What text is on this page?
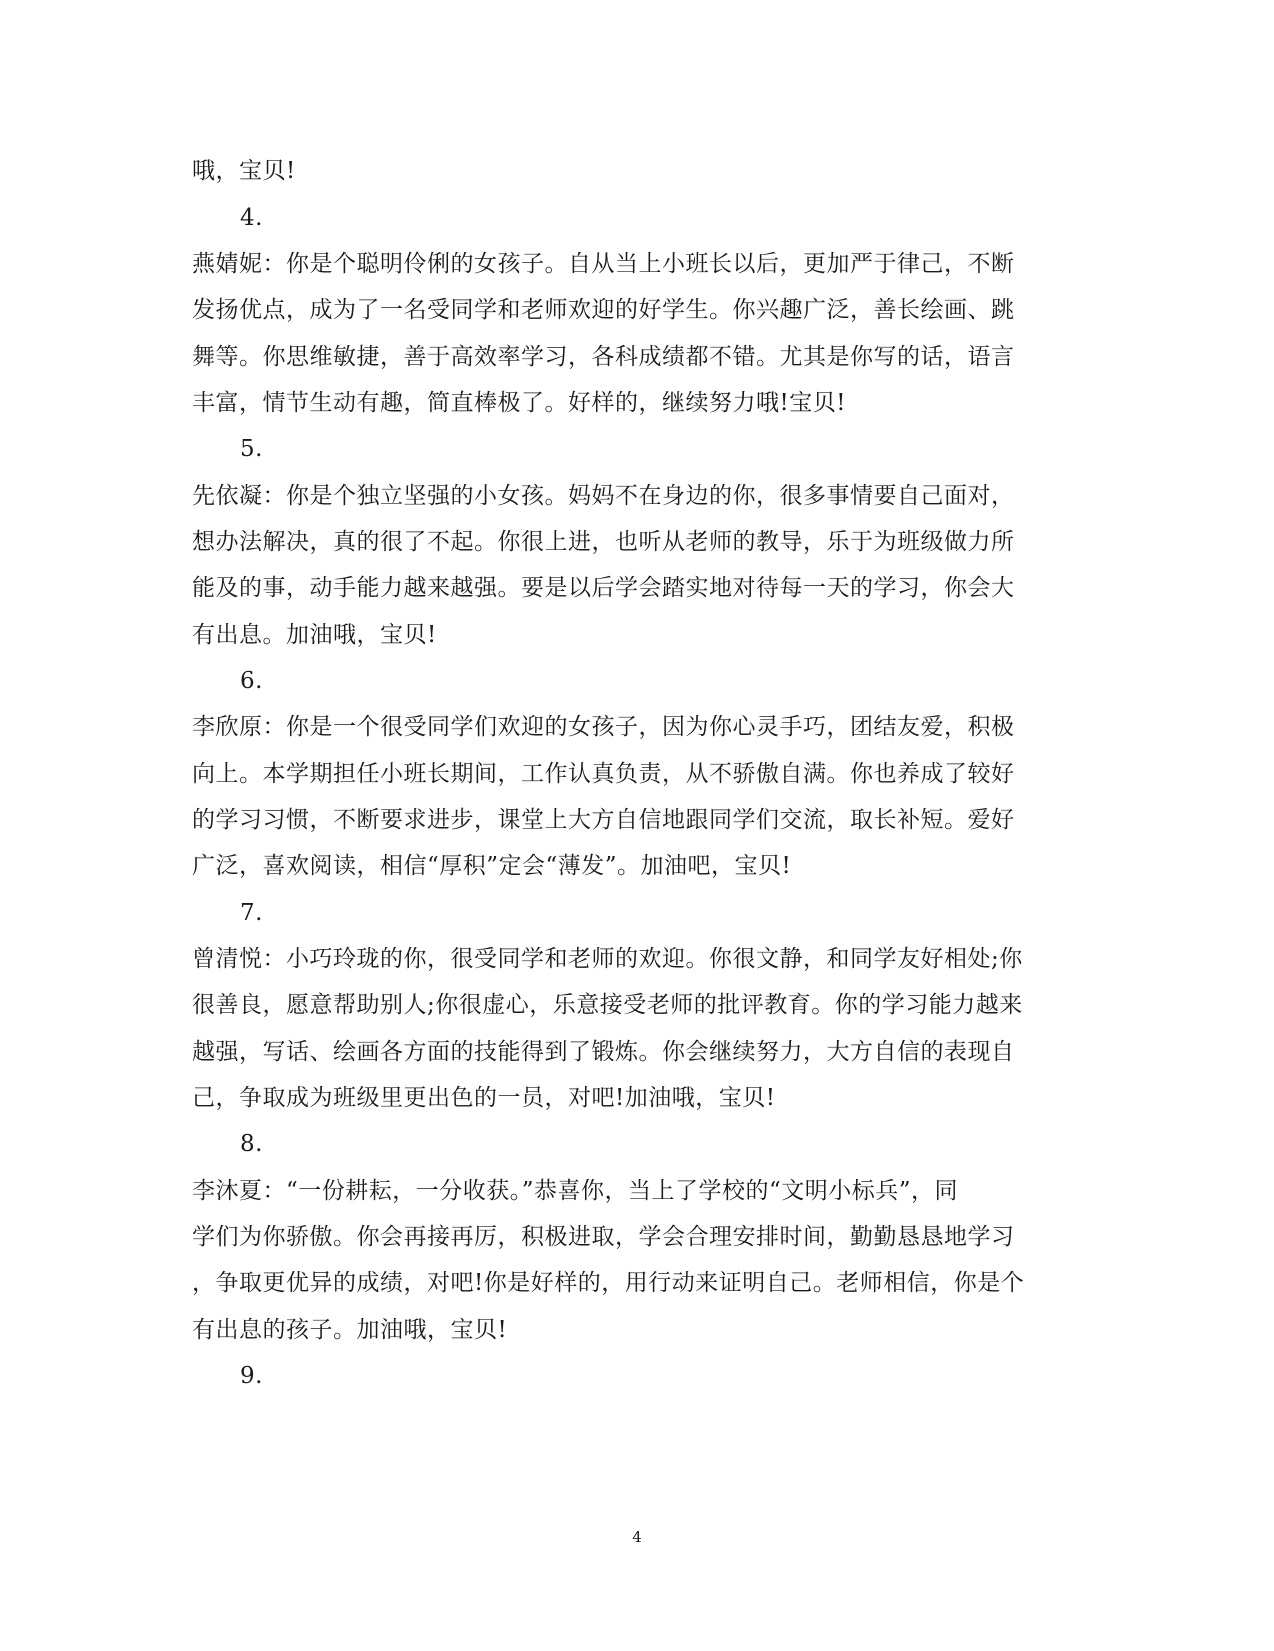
哦，宝贝!
4.
燕婧妮：你是个聪明伶俐的女孩子。自从当上小班长以后，更加严于律己，不断
发扬优点，成为了一名受同学和老师欢迎的好学生。你兴趣广泛，善长绘画、跳
舞等。你思维敏捷，善于高效率学习，各科成绩都不错。尤其是你写的话，语言
丰富，情节生动有趣，简直棒极了。好样的，继续努力哦!宝贝!
5.
先依凝：你是个独立坚强的小女孩。妈妈不在身边的你，很多事情要自己面对，
想办法解决，真的很了不起。你很上进，也听从老师的教导，乐于为班级做力所
能及的事，动手能力越来越强。要是以后学会踏实地对待每一天的学习，你会大
有出息。加油哦，宝贝!
6.
李欣原：你是一个很受同学们欢迎的女孩子，因为你心灵手巧，团结友爱，积极
向上。本学期担任小班长期间，工作认真负责，从不骄傲自满。你也养成了较好
的学习习惯，不断要求进步，课堂上大方自信地跟同学们交流，取长补短。爱好
广泛，喜欢阅读，相信“厚积”定会“薄发”。加油吧，宝贝!
7.
曾清悦：小巧玲珑的你，很受同学和老师的欢迎。你很文静，和同学友好相处;你
很善良，愿意帮助别人;你很虚心，乐意接受老师的批评教育。你的学习能力越来
越强，写话、绘画各方面的技能得到了锻炼。你会继续努力，大方自信的表现自
己，争取成为班级里更出色的一员，对吧!加油哦，宝贝!
8.
李沐夏：“一份耕耘，一分收获。”恭喜你，当上了学校的“文明小标兵”，同
学们为你骄傲。你会再接再厉，积极进取，学会合理安排时间，勤勤恳恳地学习
，争取更优异的成绩，对吧!你是好样的，用行动来证明自己。老师相信，你是个
有出息的孩子。加油哦，宝贝!
9.
4
